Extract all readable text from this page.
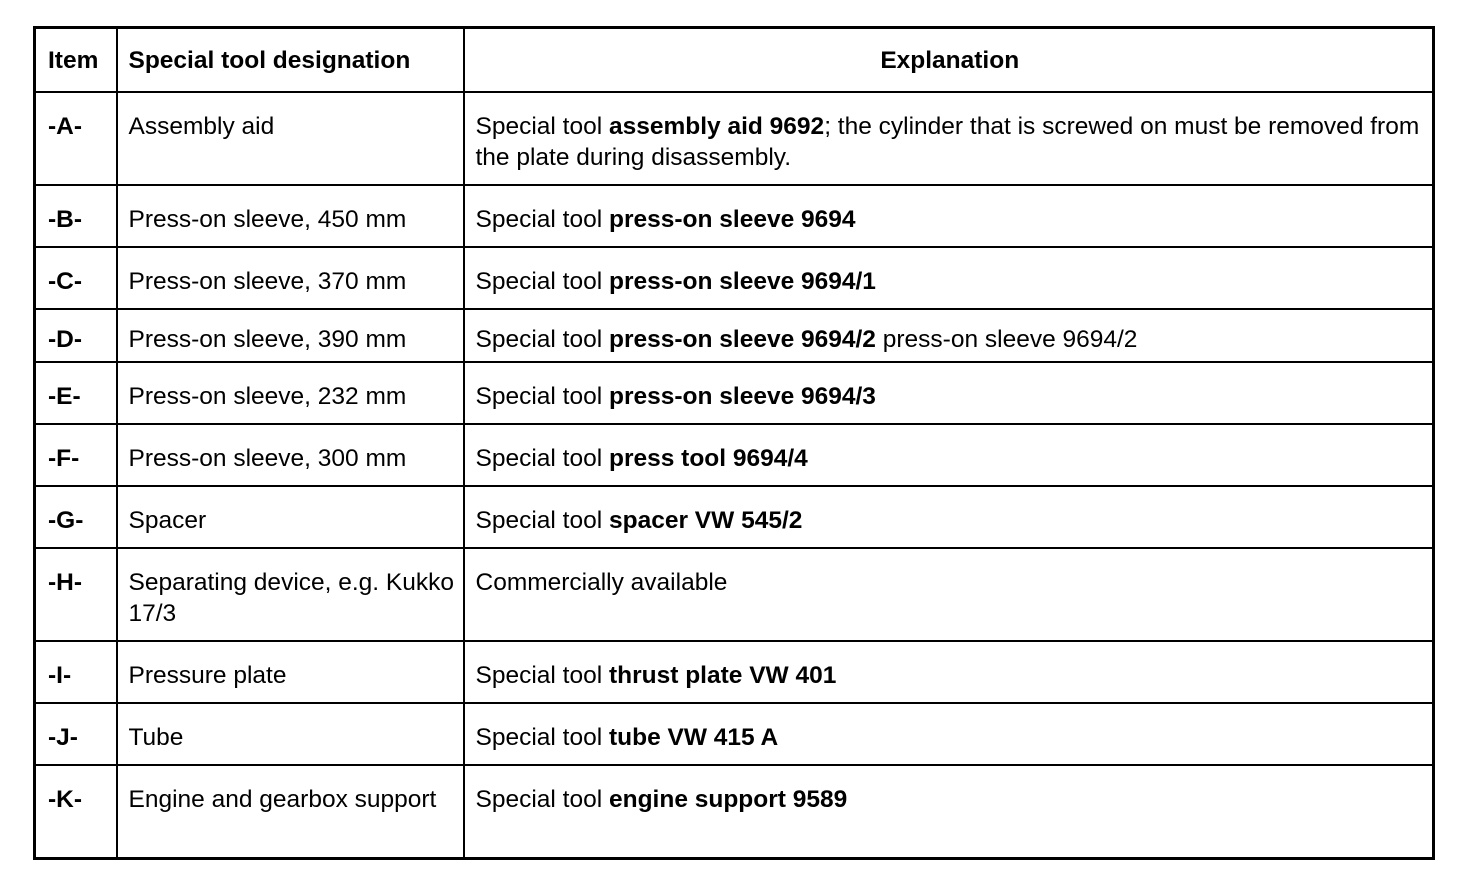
Item	Special tool designation	Explanation
-A-	Assembly aid	Special tool assembly aid 9692; the cylinder that is screwed on must be removed from the plate during disassembly.
-B-	Press-on sleeve, 450 mm	Special tool press-on sleeve 9694
-C-	Press-on sleeve, 370 mm	Special tool press-on sleeve 9694/1
-D-	Press-on sleeve, 390 mm	Special tool press-on sleeve 9694/2 press-on sleeve 9694/2
-E-	Press-on sleeve, 232 mm	Special tool press-on sleeve 9694/3
-F-	Press-on sleeve, 300 mm	Special tool press tool 9694/4
-G-	Spacer	Special tool spacer VW 545/2
-H-	Separating device, e.g. Kukko 17/3	Commercially available
-I-	Pressure plate	Special tool thrust plate VW 401
-J-	Tube	Special tool tube VW 415 A
-K-	Engine and gearbox support	Special tool engine support 9589
